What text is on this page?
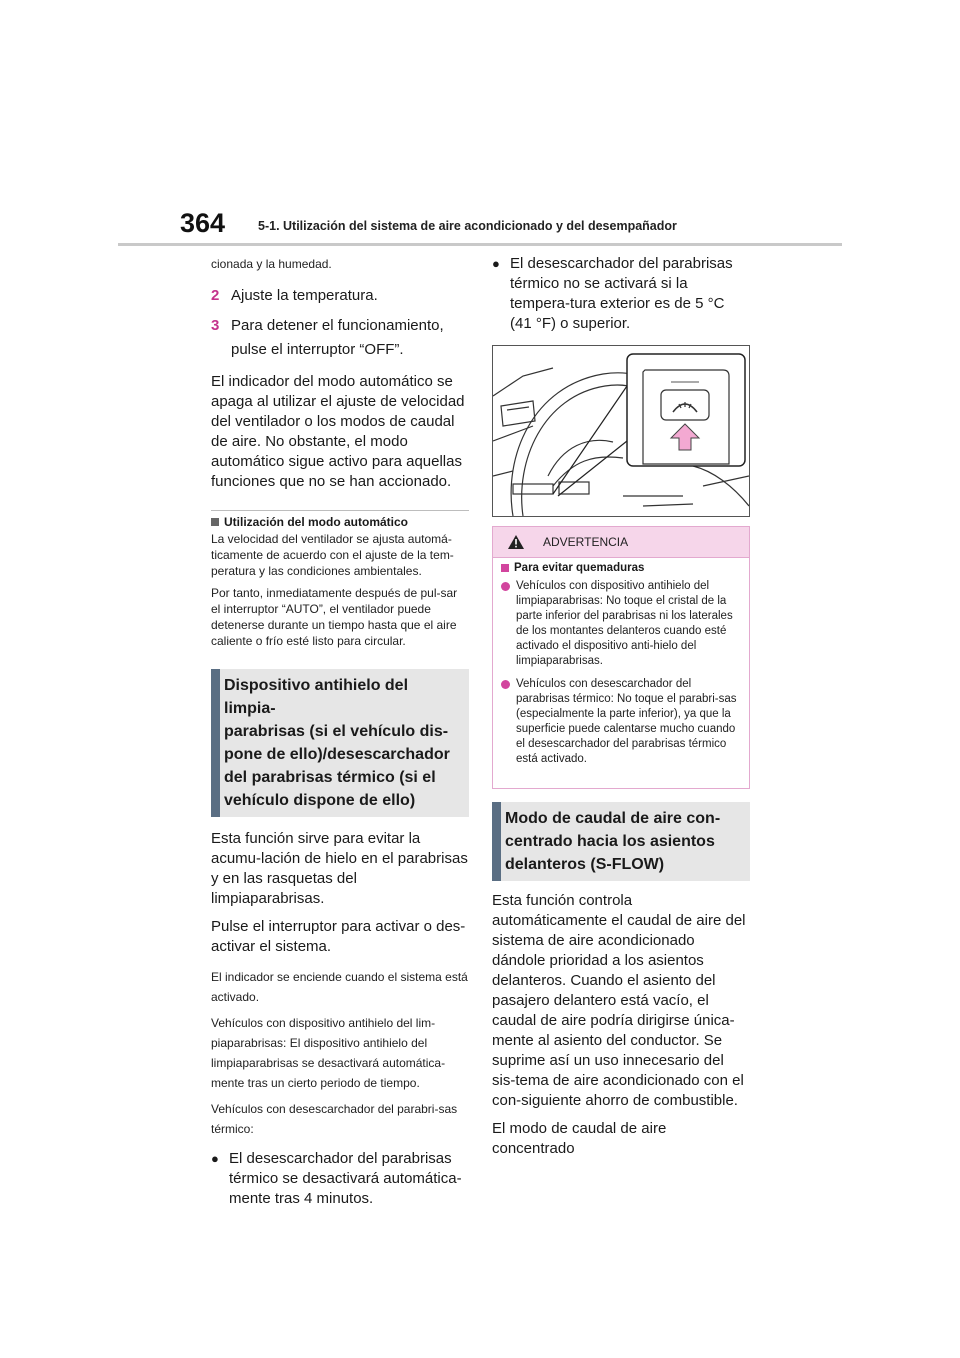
364	5-1. Utilización del sistema de aire acondicionado y del desempañador

cionada y la humedad.

2 Ajuste la temperatura.
3 Para detener el funcionamiento, pulse el interruptor “OFF”.

El indicador del modo automático se apaga al utilizar el ajuste de velocidad del ventilador o los modos de caudal de aire. No obstante, el modo automático sigue activo para aquellas funciones que no se han accionado.

Utilización del modo automático

La velocidad del ventilador se ajusta automá-ticamente de acuerdo con el ajuste de la tem-peratura y las condiciones ambientales.

Por tanto, inmediatamente después de pul-sar el interruptor “AUTO”, el ventilador puede detenerse durante un tiempo hasta que el aire caliente o frío esté listo para circular.

Dispositivo antihielo del limpia-
parabrisas (si el vehículo dis-
pone de ello)/desescarchador
del parabrisas térmico (si el
vehículo dispone de ello)

Esta función sirve para evitar la acumu-lación de hielo en el parabrisas y en las rasquetas del limpiaparabrisas.

Pulse el interruptor para activar o des-activar el sistema.

El indicador se enciende cuando el sistema está activado.

Vehículos con dispositivo antihielo del lim-piaparabrisas: El dispositivo antihielo del limpiaparabrisas se desactivará automática-mente tras un cierto periodo de tiempo.

Vehículos con desescarchador del parabri-sas térmico:

● El desescarchador del parabrisas térmico se desactivará automática-mente tras 4 minutos.
● El desescarchador del parabrisas térmico no se activará si la tempera-tura exterior es de 5 °C (41 °F) o superior.
ADVERTENCIA
Para evitar quemaduras
Vehículos con dispositivo antihielo del limpiaparabrisas: No toque el cristal de la parte inferior del parabrisas ni los laterales de los montantes delanteros cuando esté activado el dispositivo anti-hielo del limpiaparabrisas.
Vehículos con desescarchador del parabrisas térmico: No toque el parabri-sas (especialmente la parte inferior), ya que la superficie puede calentarse mucho cuando el desescarchador del parabrisas térmico está activado.
Modo de caudal de aire con-
centrado hacia los asientos
delanteros (S-FLOW)

Esta función controla automáticamente el caudal de aire del sistema de aire acondicionado dándole prioridad a los asientos delanteros. Cuando el asiento del pasajero delantero está vacío, el caudal de aire podría dirigirse única-mente al asiento del conductor. Se suprime así un uso innecesario del sis-tema de aire acondicionado con el con-siguiente ahorro de combustible.

El modo de caudal de aire concentrado
